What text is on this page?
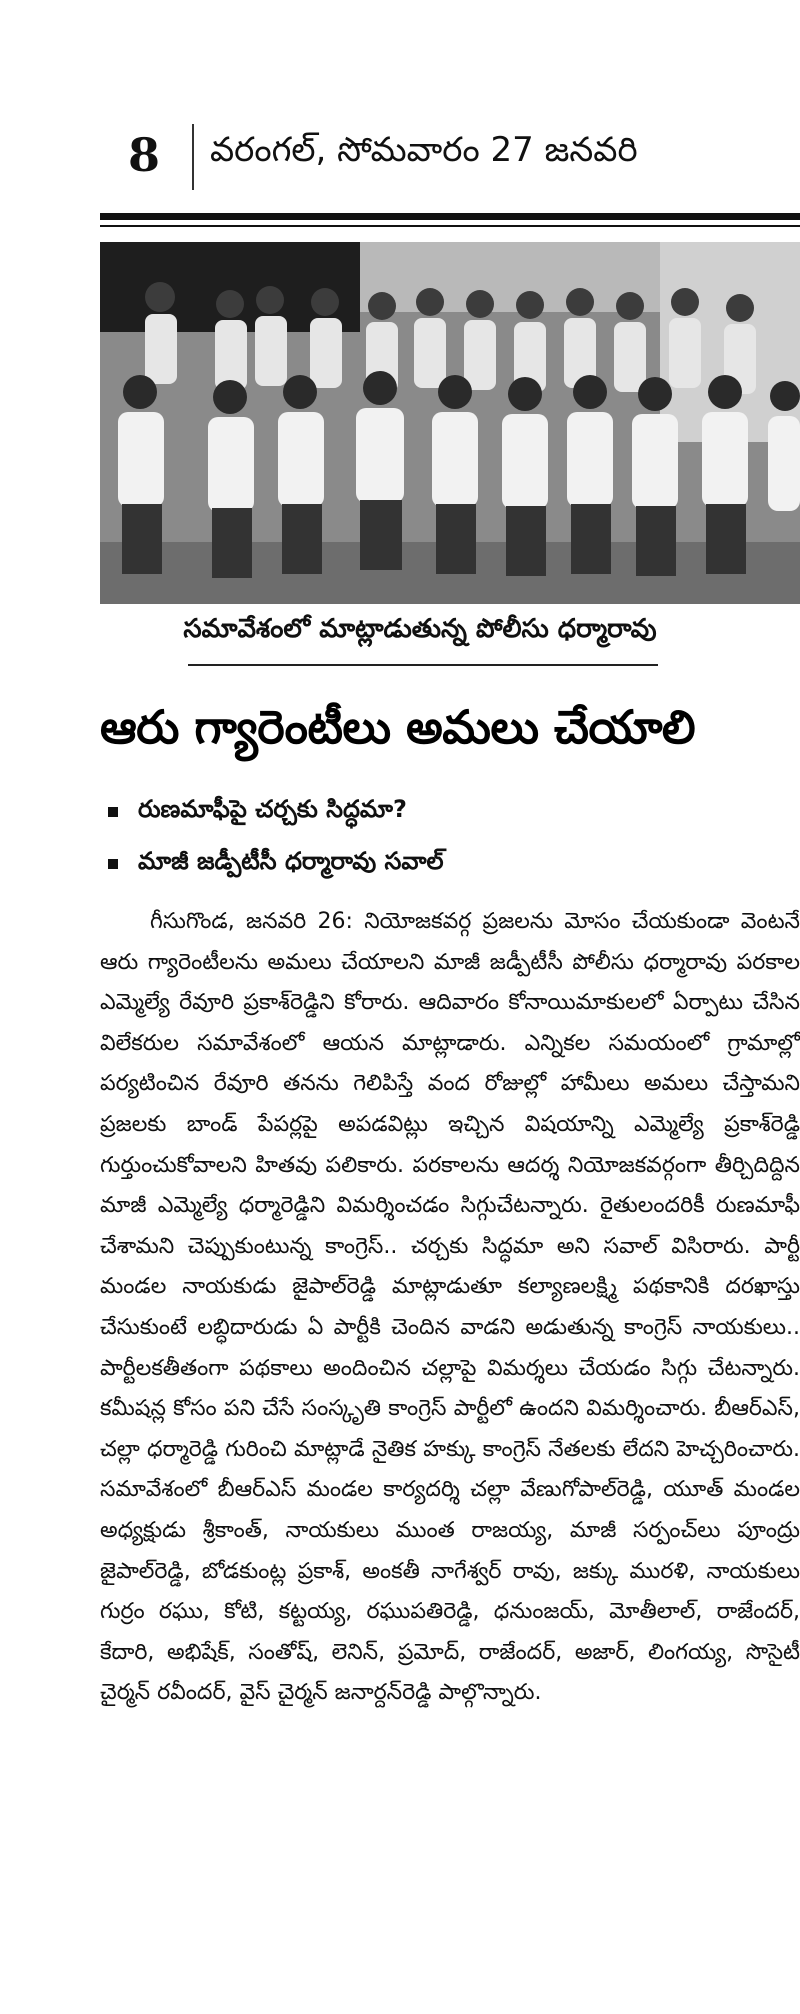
8 వరంగల్, సోమవారం 27 జనవరి
సమావేశంలో మాట్లాడుతున్న పోలీసు ధర్మారావు
ఆరు గ్యారెంటీలు అమలు చేయాలి
రుణమాఫీపై చర్చకు సిద్ధమా?
మాజీ జడ్పీటీసీ ధర్మారావు సవాల్
గీసుగొండ, జనవరి 26: నియోజకవర్గ ప్రజలను మోసం చేయకుండా వెంటనే ఆరు గ్యారెంటీలను అమలు చేయాలని మాజీ జడ్పీటీసీ పోలీసు ధర్మారావు పరకాల ఎమ్మెల్యే రేవూరి ప్రకాశ్‌రెడ్డిని కోరారు. ఆదివారం కోనాయిమాకులలో ఏర్పాటు చేసిన విలేకరుల సమావేశంలో ఆయన మాట్లాడారు. ఎన్నికల సమయంలో గ్రామాల్లో పర్యటించిన రేవూరి తనను గెలిపిస్తే వంద రోజుల్లో హామీలు అమలు చేస్తామని ప్రజలకు బాండ్ పేపర్లపై అపడవిట్లు ఇచ్చిన విషయాన్ని ఎమ్మెల్యే ప్రకాశ్‌రెడ్డి గుర్తుంచుకోవాలని హితవు పలికారు. పరకాలను ఆదర్శ నియోజకవర్గంగా తీర్చిదిద్దిన మాజీ ఎమ్మెల్యే ధర్మారెడ్డిని విమర్శించడం సిగ్గుచేటన్నారు. రైతులందరికీ రుణమాఫీ చేశామని చెప్పుకుంటున్న కాంగ్రెస్.. చర్చకు సిద్ధమా అని సవాల్ విసిరారు. పార్టీ మండల నాయకుడు జైపాల్‌రెడ్డి మాట్లాడుతూ కల్యాణలక్ష్మి పథకానికి దరఖాస్తు చేసుకుంటే లబ్ధిదారుడు ఏ పార్టీకి చెందిన వాడని అడుతున్న కాంగ్రెస్ నాయకులు.. పార్టీలకతీతంగా పథకాలు అందించిన చల్లాపై విమర్శలు చేయడం సిగ్గు చేటన్నారు. కమీషన్ల కోసం పని చేసే సంస్కృతి కాంగ్రెస్ పార్టీలో ఉందని విమర్శించారు. బీఆర్ఎస్, చల్లా ధర్మారెడ్డి గురించి మాట్లాడే నైతిక హక్కు కాంగ్రెస్ నేతలకు లేదని హెచ్చరించారు. సమావేశంలో బీఆర్ఎస్ మండల కార్యదర్శి చల్లా వేణుగోపాల్‌రెడ్డి, యూత్ మండల అధ్యక్షుడు శ్రీకాంత్, నాయకులు ముంత రాజయ్య, మాజీ సర్పంచ్‌లు పూంద్రు జైపాల్‌రెడ్డి, బోడకుంట్ల ప్రకాశ్, అంకతీ నాగేశ్వర్ రావు, జక్కు మురళి, నాయకులు గుర్రం రఘు, కోటి, కట్టయ్య, రఘుపతిరెడ్డి, ధనుంజయ్, మోతీలాల్, రాజేందర్, కేదారి, అభిషేక్, సంతోష్, లెనిన్, ప్రమోద్, రాజేందర్, అజార్, లింగయ్య, సొసైటీ చైర్మన్ రవీందర్, వైస్ చైర్మన్ జనార్దన్‌రెడ్డి పాల్గొన్నారు.
